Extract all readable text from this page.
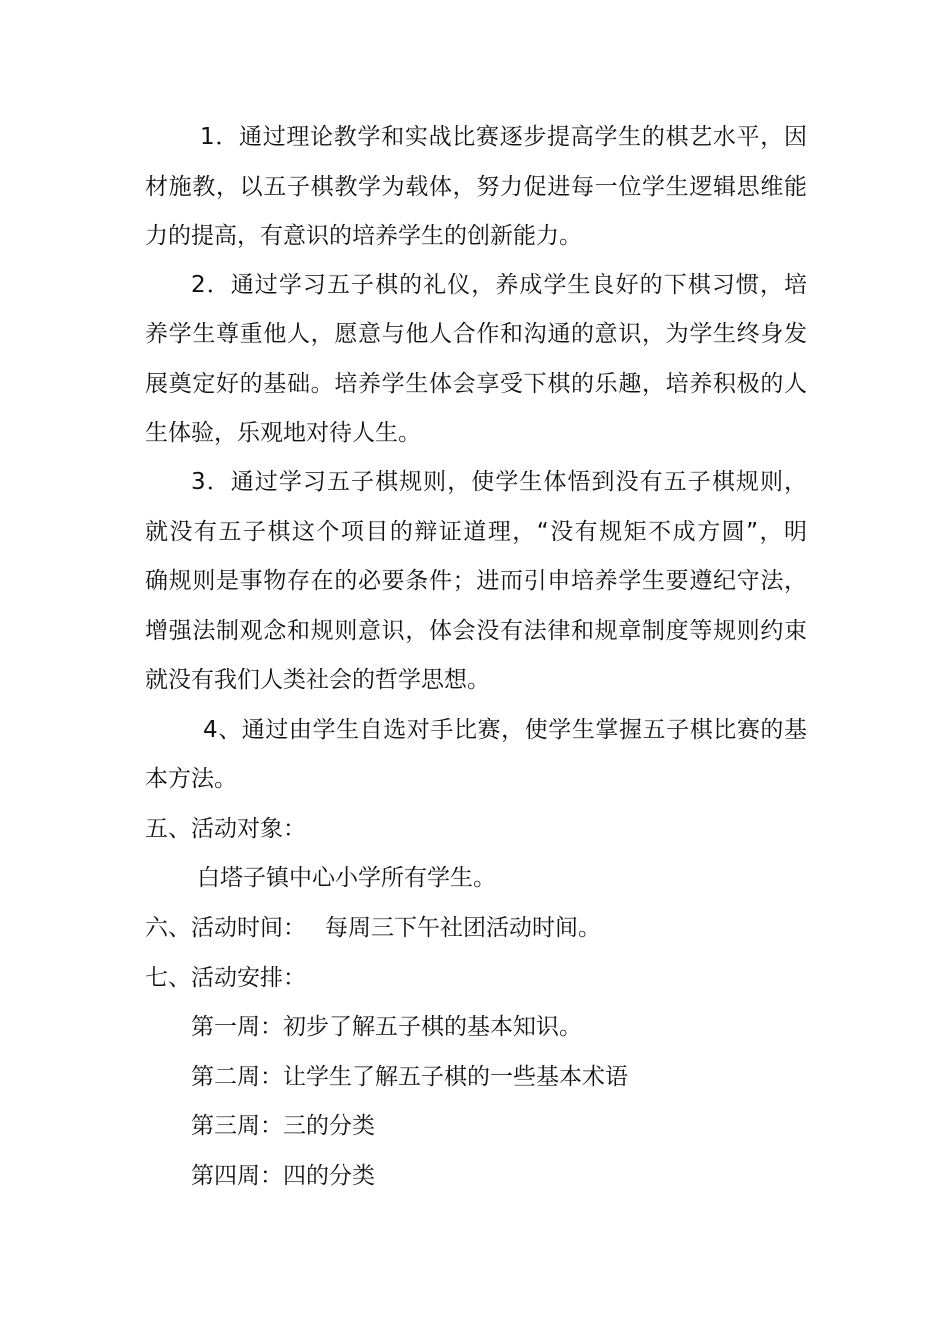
1．通过理论教学和实战比赛逐步提高学生的棋艺水平，因
材施教，以五子棋教学为载体，努力促进每一位学生逻辑思维能
力的提高，有意识的培养学生的创新能力。
2．通过学习五子棋的礼仪，养成学生良好的下棋习惯，培
养学生尊重他人，愿意与他人合作和沟通的意识，为学生终身发
展奠定好的基础。培养学生体会享受下棋的乐趣，培养积极的人
生体验，乐观地对待人生。
3．通过学习五子棋规则，使学生体悟到没有五子棋规则，
就没有五子棋这个项目的辩证道理，“没有规矩不成方圆”，明
确规则是事物存在的必要条件；进而引申培养学生要遵纪守法，
增强法制观念和规则意识，体会没有法律和规章制度等规则约束
就没有我们人类社会的哲学思想。
4、通过由学生自选对手比赛，使学生掌握五子棋比赛的基
本方法。
五、活动对象：
白塔子镇中心小学所有学生。
六、活动时间： 每周三下午社团活动时间。
七、活动安排：
第一周：初步了解五子棋的基本知识。
第二周：让学生了解五子棋的一些基本术语
第三周：三的分类
第四周：四的分类
